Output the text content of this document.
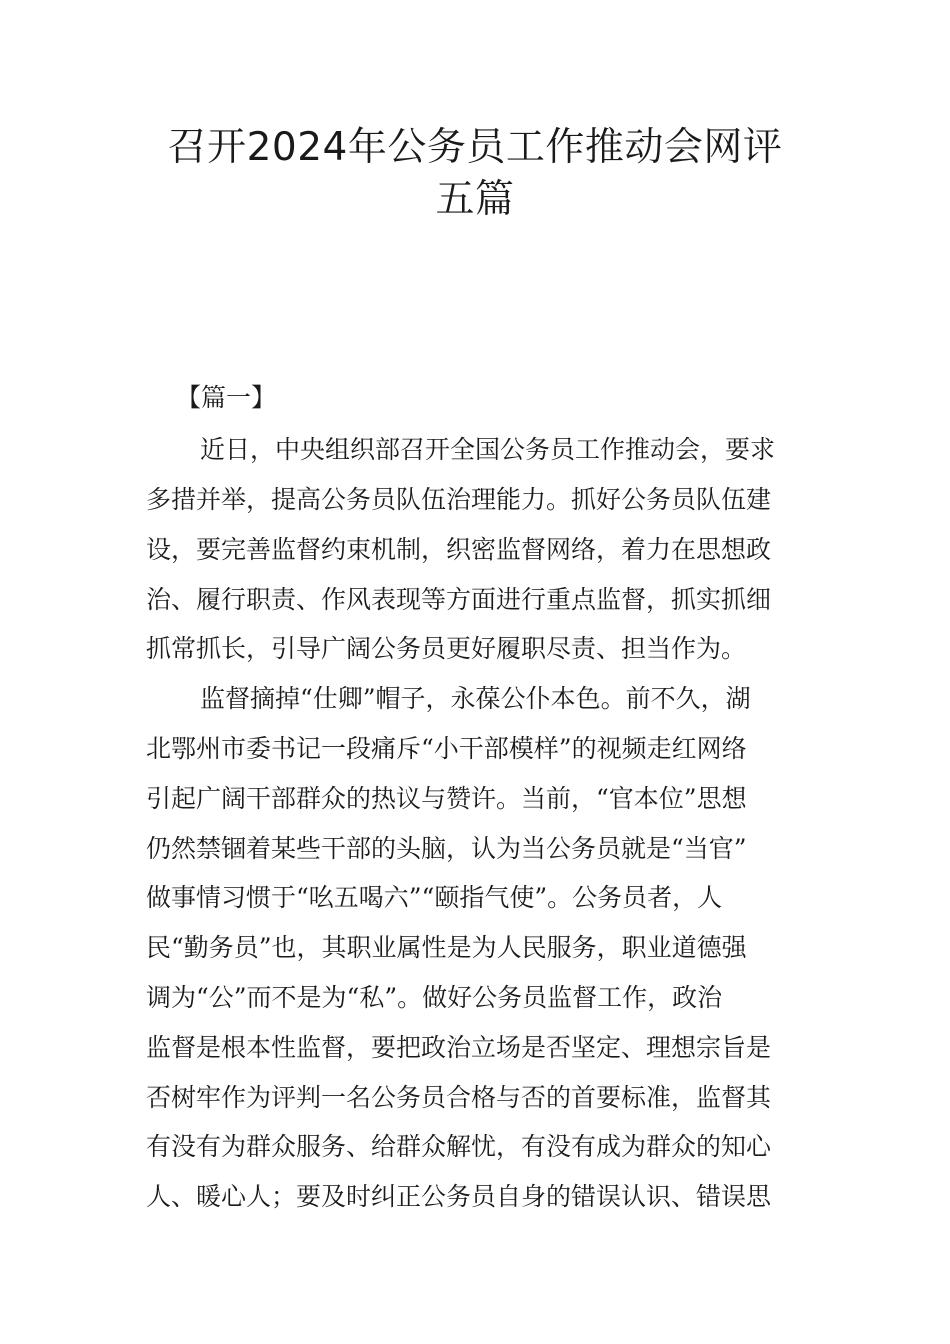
召开2024年公务员工作推动会网评五篇

【篇一】

近日，中央组织部召开全国公务员工作推动会，要求

多措并举，提高公务员队伍治理能力。抓好公务员队伍建

设，要完善监督约束机制，织密监督网络，着力在思想政

治、履行职责、作风表现等方面进行重点监督，抓实抓细

抓常抓长，引导广阔公务员更好履职尽责、担当作为。

监督摘掉“仕卿”帽子，永葆公仆本色。前不久，湖

北鄂州市委书记一段痛斥“小干部模样”的视频走红网络

引起广阔干部群众的热议与赞许。当前，“官本位”思想

仍然禁锢着某些干部的头脑，认为当公务员就是“当官”

做事情习惯于“吆五喝六”“颐指气使”。公务员者，人

民“勤务员”也，其职业属性是为人民服务，职业道德强

调为“公”而不是为“私”。做好公务员监督工作，政治

监督是根本性监督，要把政治立场是否坚定、理想宗旨是

否树牢作为评判一名公务员合格与否的首要标准，监督其

有没有为群众服务、给群众解忧，有没有成为群众的知心

人、暖心人；要及时纠正公务员自身的错误认识、错误思
